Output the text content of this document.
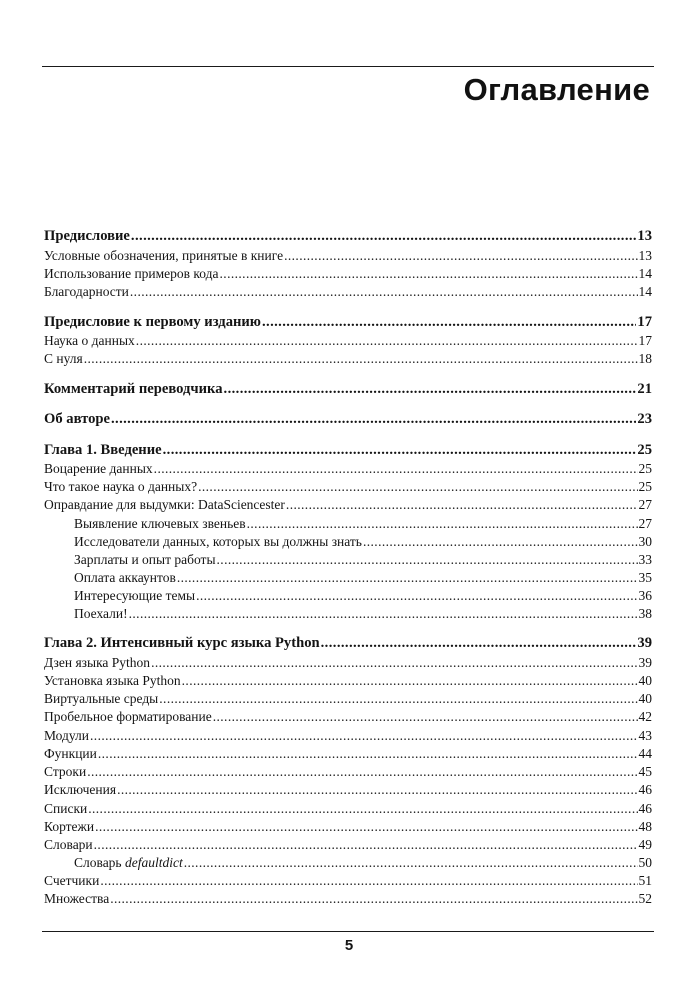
Оглавление
Предисловие .....	13
Условные обозначения, принятые в книге .....	13
Использование примеров кода .....	14
Благодарности .....	14
Предисловие к первому изданию .....	17
Наука о данных .....	17
С нуля .....	18
Комментарий переводчика .....	21
Об авторе .....	23
Глава 1. Введение .....	25
Воцарение данных .....	25
Что такое наука о данных? .....	25
Оправдание для выдумки: DataSciencester .....	27
Выявление ключевых звеньев .....	27
Исследователи данных, которых вы должны знать .....	30
Зарплаты и опыт работы .....	33
Оплата аккаунтов .....	35
Интересующие темы .....	36
Поехали! .....	38
Глава 2. Интенсивный курс языка Python .....	39
Дзен языка Python .....	39
Установка языка Python .....	40
Виртуальные среды .....	40
Пробельное форматирование .....	42
Модули .....	43
Функции .....	44
Строки .....	45
Исключения .....	46
Списки .....	46
Кортежи .....	48
Словари .....	49
Словарь defaultdict .....	50
Счетчики .....	51
Множества .....	52
5
